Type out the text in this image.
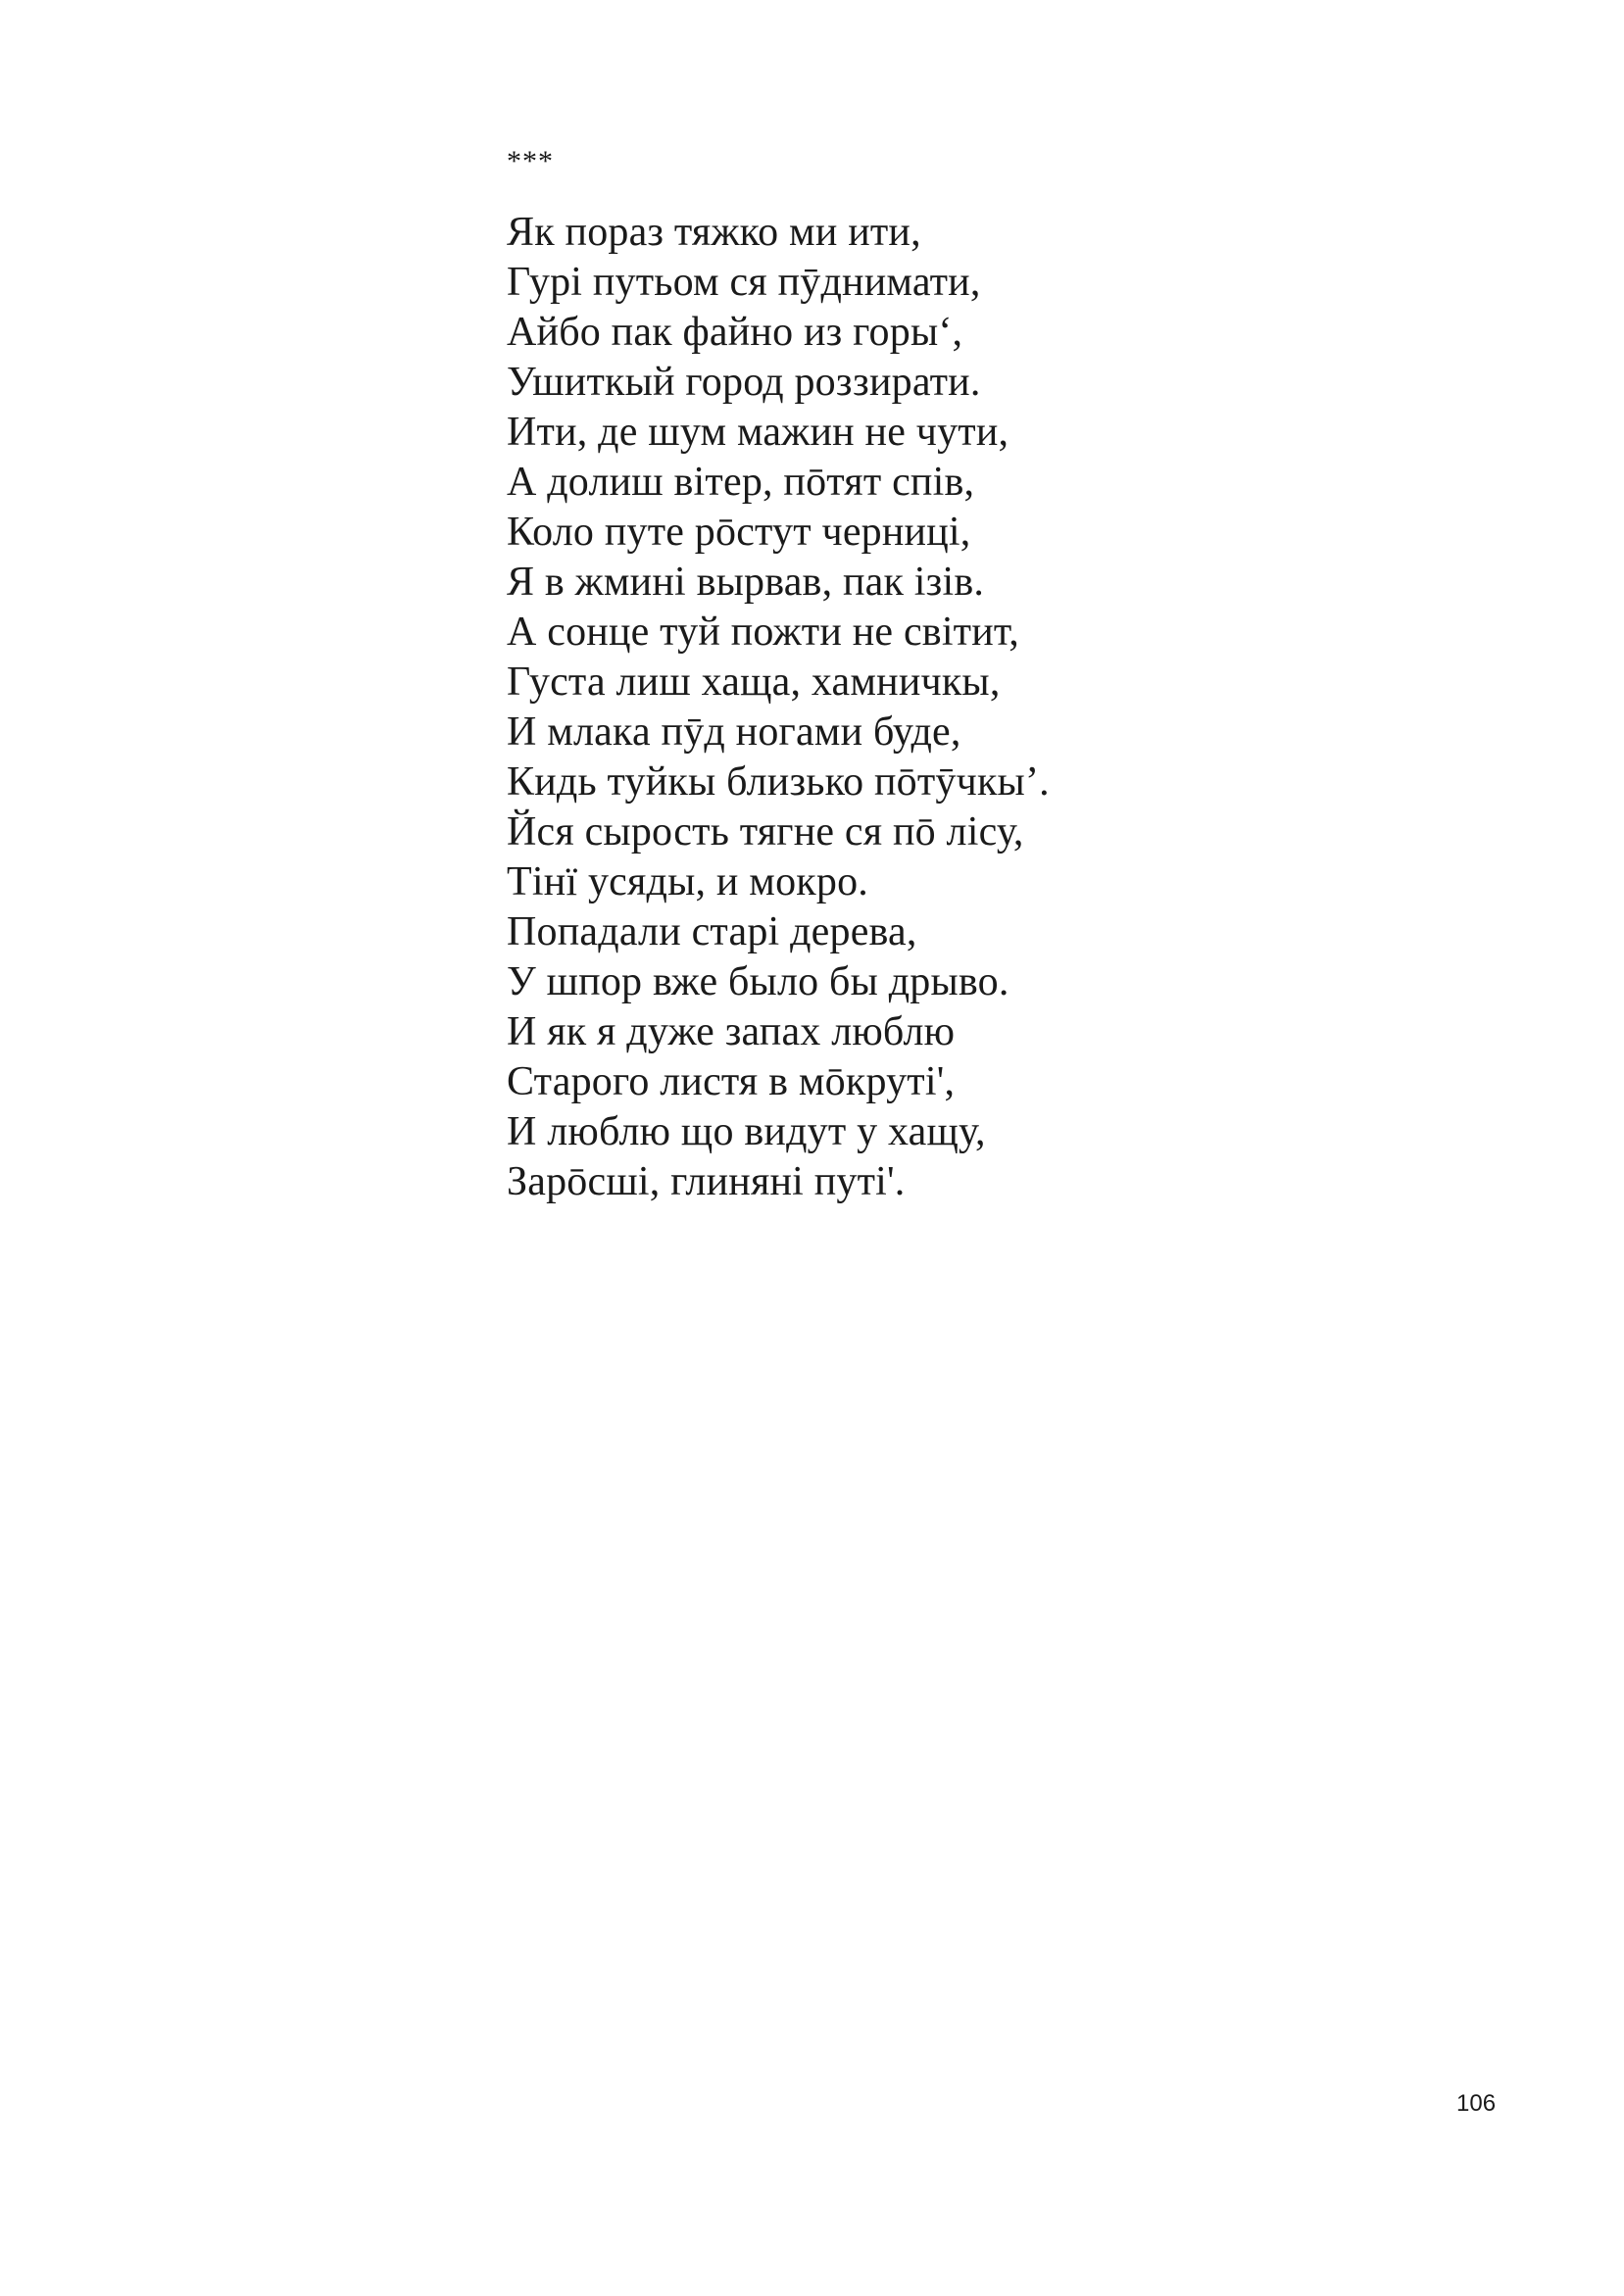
***
Як пораз тяжко ми ити,
Гурі путьом ся пӯднимати,
Айбо пак файно из горы‘,
Ушиткый город роззирати.
Ити, де шум мажин не чути,
А долиш вітер, пōтят спів,
Коло путе рōстут черниці,
Я в жмині вырвав, пак ізів.
А сонце туй пожти не світит,
Густа лиш хаща, хамничкы,
И млака пӯд ногами буде,
Кидь туйкы близько пōтӯчкы’.
Йся сырость тягне ся пō лісу,
Тінї усяды, и мокро.
Попадали старі дерева,
У шпор вже было бы дрыво.
И як я дуже запах люблю
Старого листя в мōкруті',
И люблю що видут у хащу,
Зарōсші, глиняні путі'.
106
